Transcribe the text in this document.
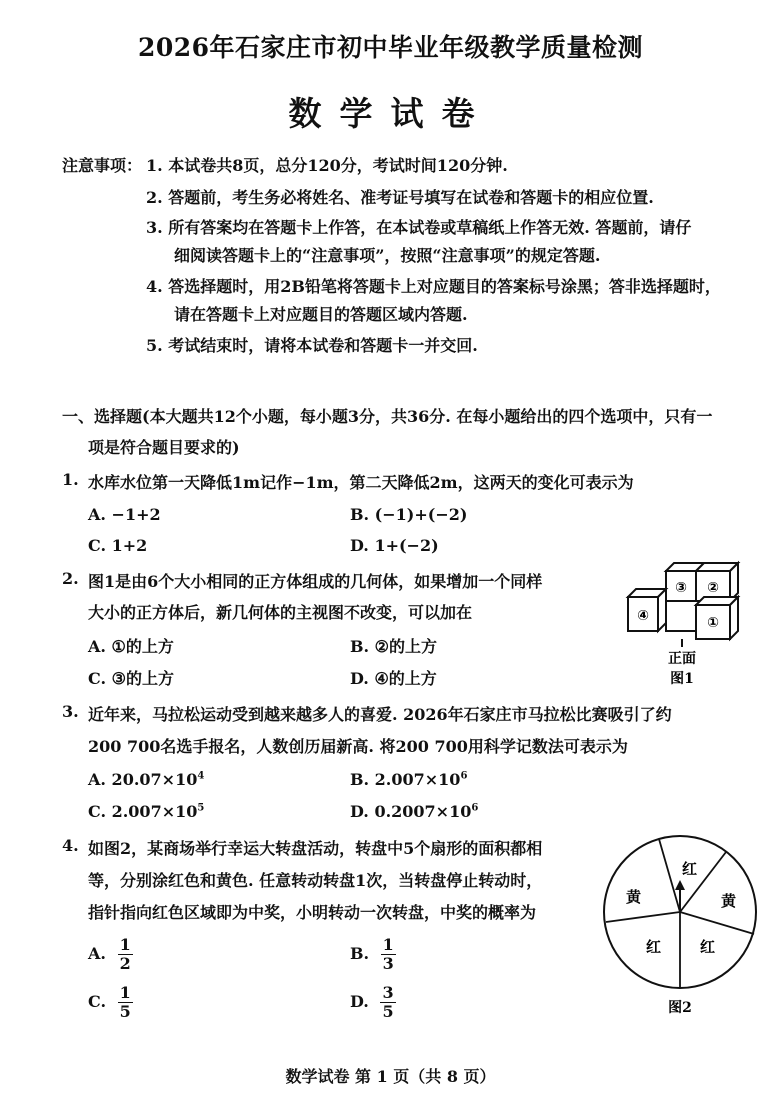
2026年石家庄市初中毕业年级教学质量检测
数学试卷
注意事项： 1. 本试卷共8页，总分120分，考试时间120分钟.
2. 答题前，考生务必将姓名、准考证号填写在试卷和答题卡的相应位置.
3. 所有答案均在答题卡上作答，在本试卷或草稿纸上作答无效. 答题前，请仔
细阅读答题卡上的“注意事项”，按照“注意事项”的规定答题.
4. 答选择题时，用2B铅笔将答题卡上对应题目的答案标号涂黑；答非选择题时，
请在答题卡上对应题目的答题区域内答题.
5. 考试结束时，请将本试卷和答题卡一并交回.
一、选择题(本大题共12个小题，每小题3分，共36分. 在每小题给出的四个选项中，只有一
项是符合题目要求的)
1. 水库水位第一天降低1m记作−1m，第二天降低2m，这两天的变化可表示为
A. −1+2	B. (−1)+(−2)
C. 1+2	D. 1+(−2)
2. 图1是由6个大小相同的正方体组成的几何体，如果增加一个同样
大小的正方体后，新几何体的主视图不改变，可以加在
A. ①的上方	B. ②的上方
C. ③的上方	D. ④的上方
③ ②
④	①
正面
图1
3. 近年来，马拉松运动受到越来越多人的喜爱. 2026年石家庄市马拉松比赛吸引了约
200 700名选手报名，人数创历届新高. 将200 700用科学记数法可表示为
A. $20.07\times 10^4$	B. $2.007\times 10^6$
C. $2.007\times 10^5$	D. $0.2007\times 10^6$
4. 如图2，某商场举行幸运大转盘活动，转盘中5个扇形的面积都相
等，分别涂红色和黄色. 任意转动转盘1次，当转盘停止转动时，
指针指向红色区域即为中奖，小明转动一次转盘，中奖的概率为
A. $\frac{1}{2}$	B. $\frac{1}{3}$
C. $\frac{1}{5}$	D. $\frac{3}{5}$
红
黄	黄
红	红
图2
数学试卷 第 1 页（共 8 页）
